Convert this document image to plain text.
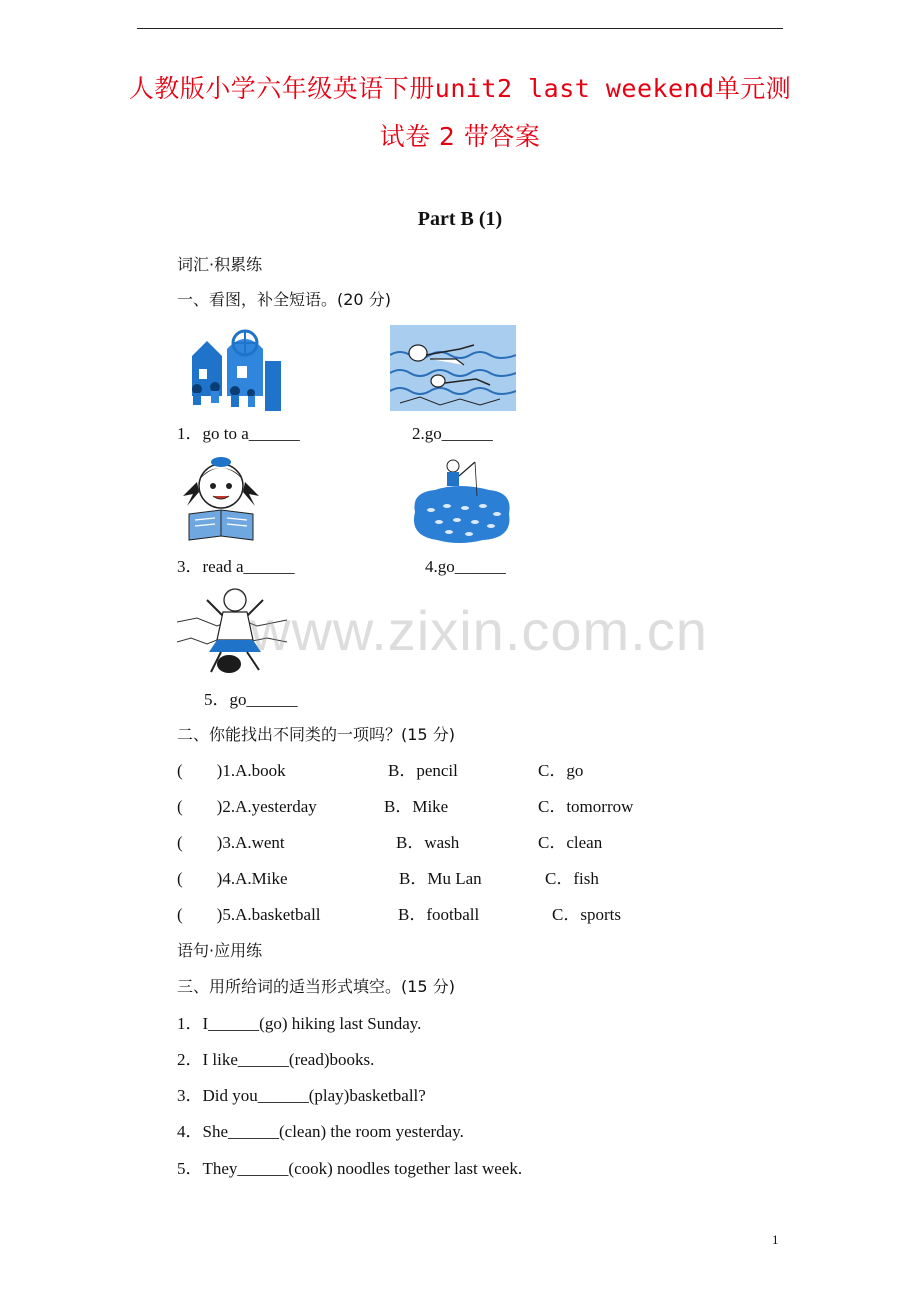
人教版小学六年级英语下册unit2 last weekend单元测
试卷 2 带答案
Part B (1)
词汇·积累练
一、看图，补全短语。(20 分)
1．go to a______	2.go______
3．read a______	4.go______
5．go______
二、你能找出不同类的一项吗？(15 分)
(        )1.A.book	B．pencil	C．go
(        )2.A.yesterday	B．Mike	C．tomorrow
(        )3.A.went	B．wash	C．clean
(        )4.A.Mike	B．Mu Lan	C．fish
(        )5.A.basketball	B．football	C．sports
语句·应用练
三、用所给词的适当形式填空。(15 分)
1．I______(go) hiking last Sunday.
2．I like______(read)books.
3．Did you______(play)basketball?
4．She______(clean) the room yesterday.
5．They______(cook) noodles together last week.
www.zixin.com.cn
1
